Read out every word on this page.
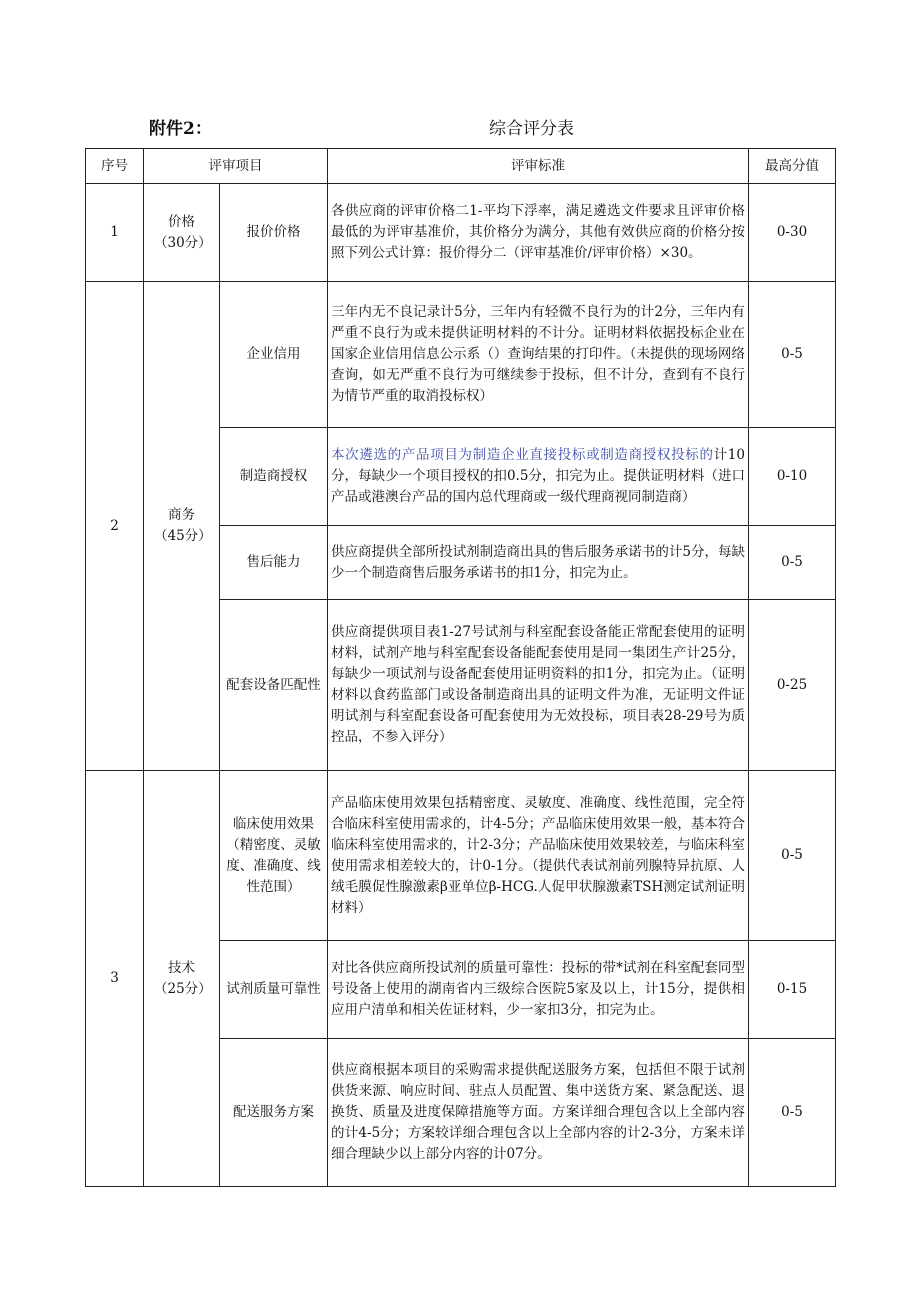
附件2：	综合评分表
序号	评审项目		评审标准	最高分值
1	价格（30分）	报价价格	各供应商的评审价格二1-平均下浮率，满足遴选文件要求且评审价格最低的为评审基准价，其价格分为满分，其他有效供应商的价格分按照下列公式计算：报价得分二（评审基准价/评审价格）×30。	0-30
2	商务（45分）	企业信用	三年内无不良记录计5分，三年内有轻微不良行为的计2分，三年内有严重不良行为或未提供证明材料的不计分。证明材料依据投标企业在国家企业信用信息公示系（）查询结果的打印件。（未提供的现场网络查询，如无严重不良行为可继续参于投标，但不计分，查到有不良行为情节严重的取消投标权）	0-5
		制造商授权	本次遴选的产品项目为制造企业直接投标或制造商授权投标的计10分，每缺少一个项目授权的扣0.5分，扣完为止。提供证明材料（进口产品或港澳台产品的国内总代理商或一级代理商视同制造商）	0-10
		售后能力	供应商提供全部所投试剂制造商出具的售后服务承诺书的计5分，每缺少一个制造商售后服务承诺书的扣1分，扣完为止。	0-5
		配套设备匹配性	供应商提供项目表1-27号试剂与科室配套设备能正常配套使用的证明材料，试剂产地与科室配套设备能配套使用是同一集团生产计25分，每缺少一项试剂与设备配套使用证明资料的扣1分，扣完为止。（证明材料以食药监部门或设备制造商出具的证明文件为准，无证明文件证明试剂与科室配套设备可配套使用为无效投标，项目表28-29号为质控品，不参入评分）	0-25
3	技术（25分）	临床使用效果（精密度、灵敏度、准确度、线性范围）	产品临床使用效果包括精密度、灵敏度、准确度、线性范围，完全符合临床科室使用需求的，计4-5分；产品临床使用效果一般，基本符合临床科室使用需求的，计2-3分；产品临床使用效果较差，与临床科室使用需求相差较大的，计0-1分。（提供代表试剂前列腺特异抗原、人绒毛膜促性腺激素β亚单位β-HCG.人促甲状腺激素TSH测定试剂证明材料）	0-5
		试剂质量可靠性	对比各供应商所投试剂的质量可靠性：投标的带*试剂在科室配套同型号设备上使用的湖南省内三级综合医院5家及以上，计15分，提供相应用户清单和相关佐证材料，少一家扣3分，扣完为止。	0-15
		配送服务方案	供应商根据本项目的采购需求提供配送服务方案，包括但不限于试剂供货来源、响应时间、驻点人员配置、集中送货方案、紧急配送、退换货、质量及进度保障措施等方面。方案详细合理包含以上全部内容的计4-5分；方案较详细合理包含以上全部内容的计2-3分，方案未详细合理缺少以上部分内容的计07分。	0-5
